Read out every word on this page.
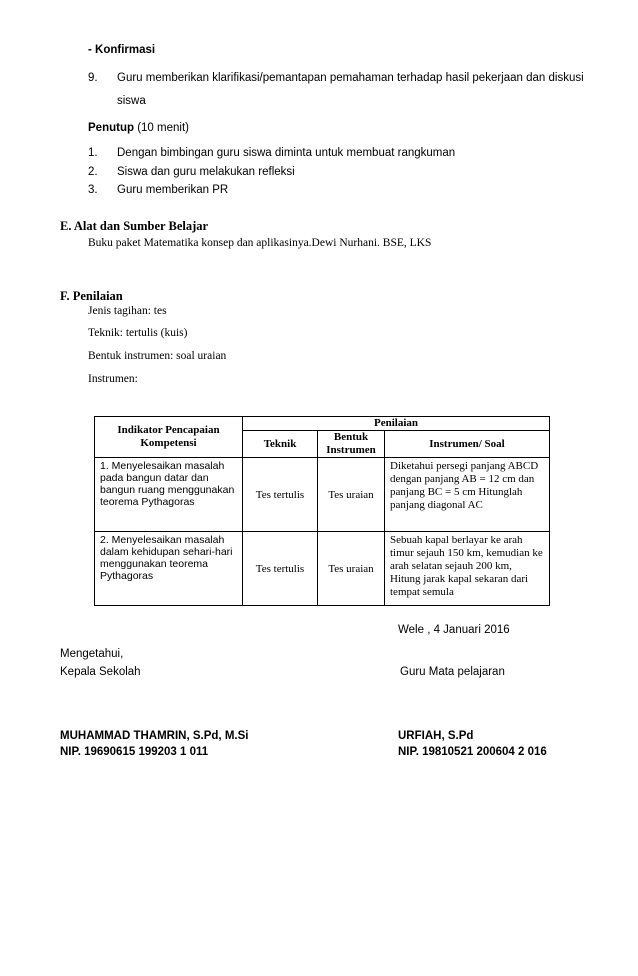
- Konfirmasi
9. Guru memberikan klarifikasi/pemantapan pemahaman terhadap hasil pekerjaan dan diskusi
siswa
Penutup (10 menit)
1. Dengan bimbingan guru siswa diminta untuk membuat rangkuman
2. Siswa dan guru melakukan refleksi
3. Guru memberikan PR
E. Alat dan Sumber Belajar
Buku paket Matematika konsep dan aplikasinya.Dewi Nurhani. BSE, LKS
F. Penilaian
Jenis tagihan: tes
Teknik: tertulis (kuis)
Bentuk instrumen: soal uraian
Instrumen:
Indikator Pencapaian Kompetensi	Penilaian		
	Teknik	Bentuk Instrumen	Instrumen/ Soal
1. Menyelesaikan masalah pada bangun datar dan bangun ruang menggunakan teorema Pythagoras	Tes tertulis	Tes uraian	Diketahui persegi panjang ABCD dengan panjang AB = 12 cm dan panjang BC = 5 cm Hitunglah panjang diagonal AC
2. Menyelesaikan masalah dalam kehidupan sehari-hari menggunakan teorema Pythagoras	Tes tertulis	Tes uraian	Sebuah kapal berlayar ke arah timur sejauh 150 km, kemudian ke arah selatan sejauh 200 km, Hitung jarak kapal sekaran dari tempat semula
Wele , 4 Januari 2016
Mengetahui,
Kepala Sekolah	Guru Mata pelajaran
MUHAMMAD THAMRIN, S.Pd, M.Si
NIP. 19690615 199203 1 011
URFIAH, S.Pd
NIP. 19810521 200604 2 016
